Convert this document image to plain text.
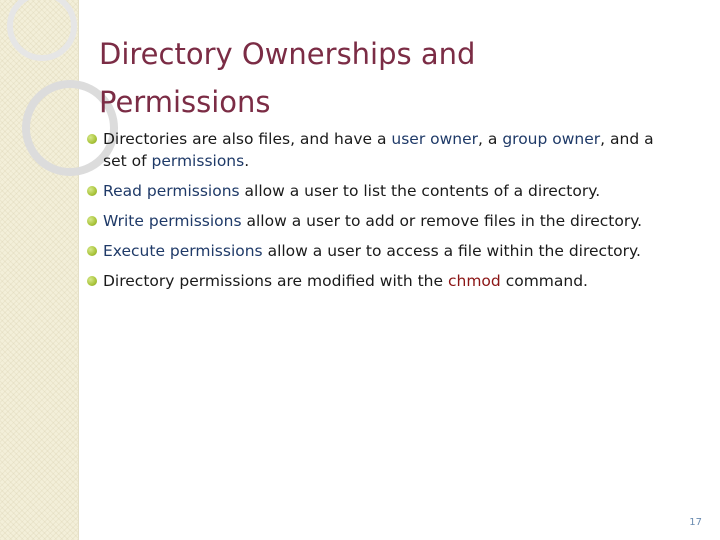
Directory Ownerships and
Permissions
Directories are also files, and have a user owner, a group owner, and a set of permissions.
Read permissions allow a user to list the contents of a directory.
Write permissions allow a user to add or remove files in the directory.
Execute permissions allow a user to access a file within the directory.
Directory permissions are modified with the chmod command.
17
